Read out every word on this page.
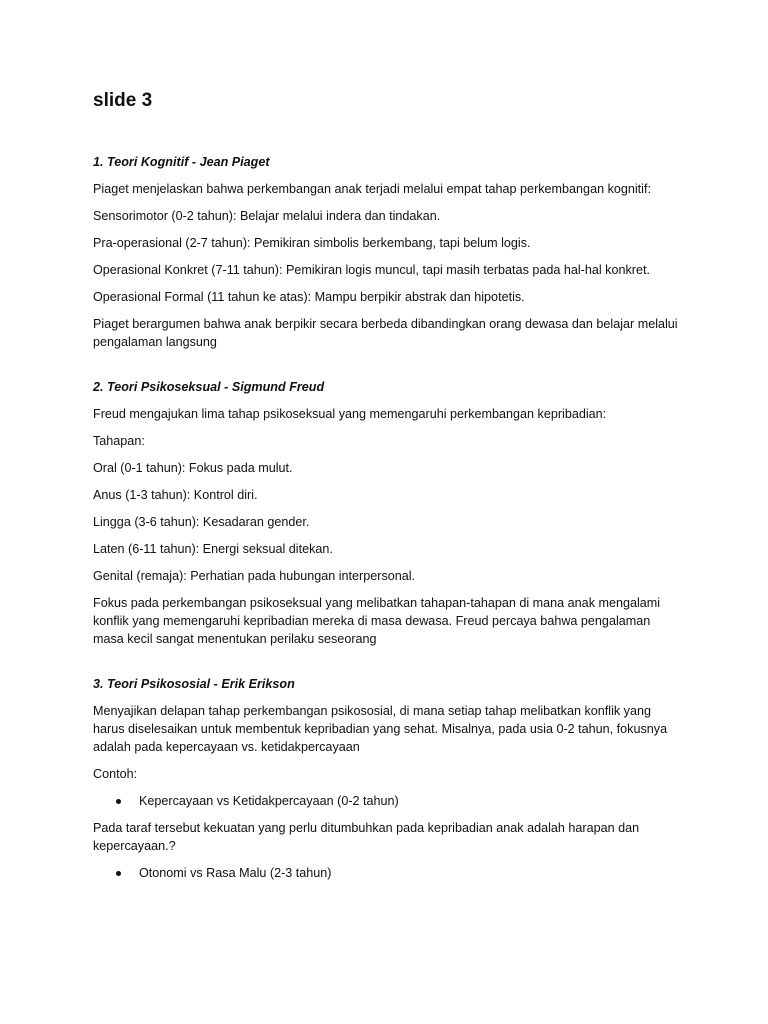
slide 3
1. Teori Kognitif - Jean Piaget

Piaget menjelaskan bahwa perkembangan anak terjadi melalui empat tahap perkembangan kognitif:

Sensorimotor (0-2 tahun): Belajar melalui indera dan tindakan.

Pra-operasional (2-7 tahun): Pemikiran simbolis berkembang, tapi belum logis.

Operasional Konkret (7-11 tahun): Pemikiran logis muncul, tapi masih terbatas pada hal-hal konkret.

Operasional Formal (11 tahun ke atas): Mampu berpikir abstrak dan hipotetis.

Piaget berargumen bahwa anak berpikir secara berbeda dibandingkan orang dewasa dan belajar melalui pengalaman langsung

2. Teori Psikoseksual - Sigmund Freud

Freud mengajukan lima tahap psikoseksual yang memengaruhi perkembangan kepribadian:

Tahapan:

Oral (0-1 tahun): Fokus pada mulut.

Anus (1-3 tahun): Kontrol diri.

Lingga (3-6 tahun): Kesadaran gender.

Laten (6-11 tahun): Energi seksual ditekan.

Genital (remaja): Perhatian pada hubungan interpersonal.

Fokus pada perkembangan psikoseksual yang melibatkan tahapan-tahapan di mana anak mengalami konflik yang memengaruhi kepribadian mereka di masa dewasa. Freud percaya bahwa pengalaman masa kecil sangat menentukan perilaku seseorang

3. Teori Psikososial - Erik Erikson

Menyajikan delapan tahap perkembangan psikososial, di mana setiap tahap melibatkan konflik yang harus diselesaikan untuk membentuk kepribadian yang sehat. Misalnya, pada usia 0-2 tahun, fokusnya adalah pada kepercayaan vs. ketidakpercayaan

Contoh:

Kepercayaan vs Ketidakpercayaan (0-2 tahun)

Pada taraf tersebut kekuatan yang perlu ditumbuhkan pada kepribadian anak adalah harapan dan kepercayaan.?

Otonomi vs Rasa Malu (2-3 tahun)
